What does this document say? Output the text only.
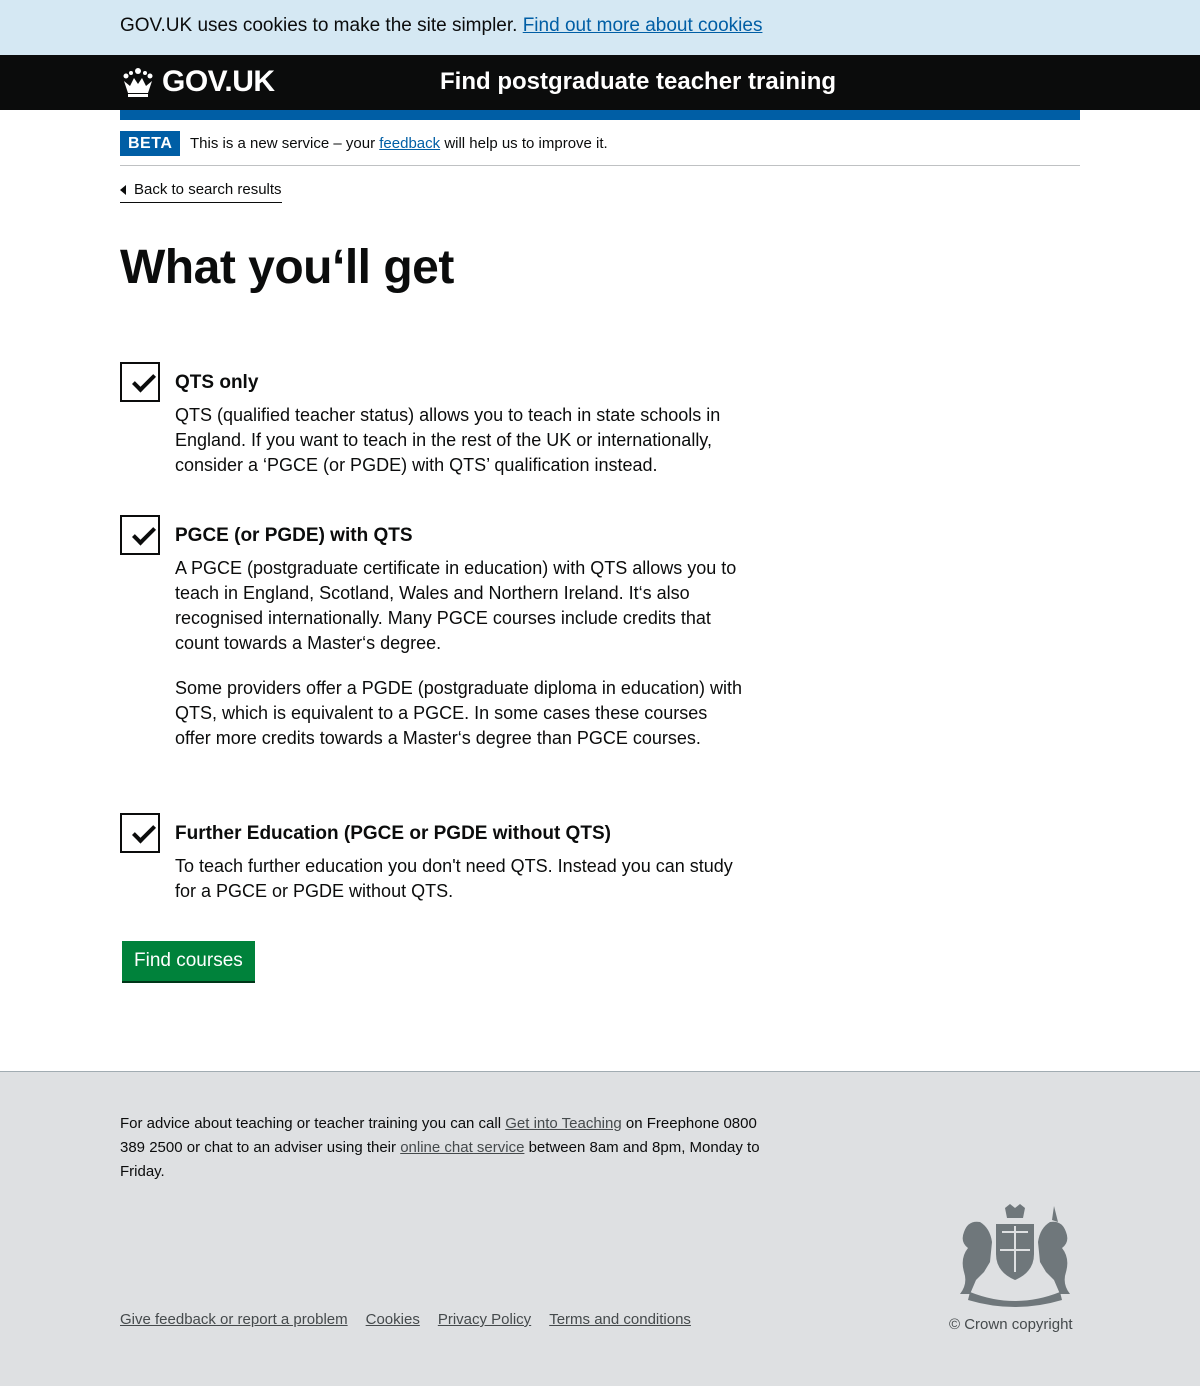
GOV.UK uses cookies to make the site simpler. Find out more about cookies
GOV.UK	Find postgraduate teacher training
BETA	This is a new service – your feedback will help us to improve it.
Back to search results
What you‘ll get
QTS only

QTS (qualified teacher status) allows you to teach in state schools in England. If you want to teach in the rest of the UK or internationally, consider a ‘PGCE (or PGDE) with QTS’ qualification instead.

PGCE (or PGDE) with QTS

A PGCE (postgraduate certificate in education) with QTS allows you to teach in England, Scotland, Wales and Northern Ireland. It‘s also recognised internationally. Many PGCE courses include credits that count towards a Master‘s degree.

Some providers offer a PGDE (postgraduate diploma in education) with QTS, which is equivalent to a PGCE. In some cases these courses offer more credits towards a Master‘s degree than PGCE courses.

Further Education (PGCE or PGDE without QTS)

To teach further education you don't need QTS. Instead you can study for a PGCE or PGDE without QTS.

Find courses

For advice about teaching or teacher training you can call Get into Teaching on Freephone 0800 389 2500 or chat to an adviser using their online chat service between 8am and 8pm, Monday to Friday.

Give feedback or report a problem Cookies Privacy Policy Terms and conditions	© Crown copyright
